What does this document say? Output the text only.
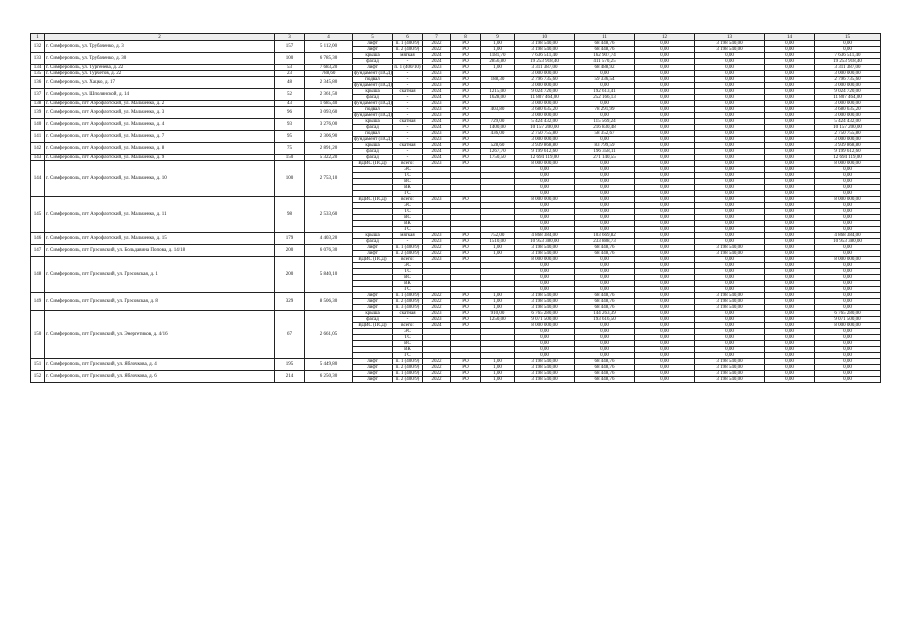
1	2	3	4	5	6	7	8	9	10	11	12	13	14	15
132	г. Симферополь, ул. Трубаченко, д. 3	157	5 112,00	лифт	п. 1 (400/9)	2022	РО	1,00	3 198 540,00	68 448,76	0,00	3 198 540,00	0,00	0,00
				лифт	п. 2 (400/9)	2022	РО	1,00	3 198 540,00	68 448,76	0,00	3 198 540,00	0,00	0,00
133	г. Симферополь, ул. Трубаченко, д. 30	100	6 785,30	крыша	мягкая	2024	РО	1181,70	7 636 511,40	162 907,74	0,00	0,00	0,00	7 636 511,40
				фасад	-	2024	РО	2856,80	19 253 918,40	411 570,25	0,00	0,00	0,00	19 253 918,40
134	г. Симферополь, ул. Тургенева, д. 22	53	7 683,20	лифт	п. 1 (400/10)	2023	РО	1,00	3 311 387,00	68 488,92	0,00	0,00	0,00	3 311 387,00
135	г. Симферополь, ул. Турчетов, д. 22	23	788,60	фундамент (ПСД)	-	2023	РО		3 000 000,00	0,00	0,00	0,00	0,00	3 000 000,00
136	г. Симферополь, ул. Хацко, д. 17	48	2 345,80	подвал	-	2023	РО	188,30	2 796 735,60	59 336,54	0,00	0,00	0,00	2 796 735,60
				фундамент (ПСД)	-	2023	РО		3 000 000,00	0,00	0,00	0,00	0,00	3 000 000,00
137	г. Симферополь, ул. Шполянской, д. 14	52	2 361,50	крыша	скатная	2024	РО	1215,00	9 024 720,00	192 613,41	0,00	0,00	0,00	9 024 720,00
				фасад	-	2024	РО	1628,00	11 807 464,00	252 166,13	0,00	0,00	0,00	11 807 464,00
138	г. Симферополь, пгт Аэрофлотский, ул. Мальченко, д. 2	43	1 685,40	фундамент (ПСД)	-	2023	РО		3 000 000,00	0,00	0,00	0,00	0,00	3 000 000,00
139	г. Симферополь, пгт Аэрофлотский, ул. Мальченко, д. 3	96	3 093,60	подвал	-	2023	РО	403,80	3 680 635,20	78 291,99	0,00	0,00	0,00	3 680 635,20
				фундамент (ПСД)	-	2023	РО		3 000 000,00	0,00	0,00	0,00	0,00	3 000 000,00
140	г. Симферополь, пгт Аэрофлотский, ул. Мальченко, д. 4	93	3 276,00	крыша	скатная	2024	РО	729,00	5 424 432,00	115 569,24	0,00	0,00	0,00	5 424 432,00
				фасад	-	2024	РО	1400,00	10 157 200,00	216 830,48	0,00	0,00	0,00	10 157 200,00
141	г. Симферополь, пгт Аэрофлотский, ул. Мальченко, д. 7	95	2 306,90	подвал	-	2023	РО	436,00	2 750 755,80	58 352,67	0,00	0,00	0,00	2 750 755,80
				фундамент (ПСД)	-	2023	РО		3 000 000,00	0,00	0,00	0,00	0,00	3 000 000,00
142	г. Симферополь, пгт Аэрофлотский, ул. Мальченко, д. 8	75	2 891,20	крыша	скатная	2024	РО	528,60	3 939 868,80	83 799,59	0,00	0,00	0,00	3 939 868,80
				фасад	-	2024	РО	1267,70	9 199 612,60	196 358,11	0,00	0,00	0,00	9 199 612,60
143	г. Симферополь, пгт Аэрофлотский, ул. Мальченко, д. 9	150	5 322,20	фасад	-	2024	РО	1750,50	12 694 119,00	271 140,55	0,00	0,00	0,00	12 694 119,00
144	г. Симферополь, пгт Аэрофлотский, ул. Мальченко, д. 10	100	2 753,10	ВДИС (ПСД)	всего:	2023	РО		8 000 000,00	0,00	0,00	0,00	0,00	8 000 000,00
					ЭС				0,00	0,00	0,00	0,00	0,00	0,00
					ТС				0,00	0,00	0,00	0,00	0,00	0,00
					ВС				0,00	0,00	0,00	0,00	0,00	0,00
					ВК				0,00	0,00	0,00	0,00	0,00	0,00
					ГС				0,00	0,00	0,00	0,00	0,00	0,00
145	г. Симферополь, пгт Аэрофлотский, ул. Мальченко, д. 11	98	2 533,60	ВДИС (ПСД)	всего:	2023	РО		8 000 000,00	0,00	0,00	0,00	0,00	8 000 000,00
					ЭС				0,00	0,00	0,00	0,00	0,00	0,00
					ТС				0,00	0,00	0,00	0,00	0,00	0,00
					ВС				0,00	0,00	0,00	0,00	0,00	0,00
					ВК				0,00	0,00	0,00	0,00	0,00	0,00
					ГС				0,00	0,00	0,00	0,00	0,00	0,00
146	г. Симферополь, пгт Аэрофлотский, ул. Мальченко, д. 15	179	4 403,20	крыша	мягкая	2023	РО	752,00	4 868 384,00	103 669,82	0,00	0,00	0,00	4 868 384,00
				фасад	-	2023	РО	1510,00	10 953 380,00	233 888,73	0,00	0,00	0,00	10 953 380,00
147	г. Симферополь, пгт Грэсовский, ул. Больдавина Попова, д. 14/18	200	6 076,30	лифт	п. 1 (400/9)	2022	РО	1,00	3 198 540,00	68 448,76	0,00	3 198 540,00	0,00	0,00
				лифт	п. 2 (400/9)	2022	РО	1,00	3 198 540,00	68 448,76	0,00	3 198 540,00	0,00	0,00
148	г. Симферополь, пгт Грэсовский, ул. Грэсовская, д. 1	200	5 840,10	ВДИС (ПСД)	всего:	2023	РО		8 000 000,00	0,00	0,00	0,00	0,00	8 000 000,00
					ЭС				0,00	0,00	0,00	0,00	0,00	0,00
					ТС				0,00	0,00	0,00	0,00	0,00	0,00
					ВС				0,00	0,00	0,00	0,00	0,00	0,00
					ВК				0,00	0,00	0,00	0,00	0,00	0,00
					ГС				0,00	0,00	0,00	0,00	0,00	0,00
149	г. Симферополь, пгт Грэсовский, ул. Грэсовская, д. 8	329	8 506,30	лифт	п. 1 (400/9)	2022	РО	1,00	3 198 540,00	68 448,76	0,00	3 198 540,00	0,00	0,00
				лифт	п. 2 (400/9)	2022	РО	1,00	3 198 540,00	68 448,76	0,00	3 198 540,00	0,00	0,00
				лифт	п. 3 (400/9)	2022	РО	1,00	3 198 540,00	68 448,76	0,00	3 198 540,00	0,00	0,00
150	г. Симферополь, пгт Грэсовский, ул. Энергетиков, д. 4/16	67	2 661,05	крыша	скатная	2023	РО	910,00	6 765 280,00	144 263,39	0,00	0,00	0,00	6 765 280,00
				фасад	-	2023	РО	1250,00	9 071 500,00	193 616,50	0,00	0,00	0,00	9 071 500,00
				ВДИС (ПСД)	всего:	2024	РО		8 000 000,00	0,00	0,00	0,00	0,00	8 000 000,00
					ЭС				0,00	0,00	0,00	0,00	0,00	0,00
					ТС				0,00	0,00	0,00	0,00	0,00	0,00
					ВС				0,00	0,00	0,00	0,00	0,00	0,00
					ВК				0,00	0,00	0,00	0,00	0,00	0,00
					ГС				0,00	0,00	0,00	0,00	0,00	0,00
151	г. Симферополь, пгт Грэсовский, ул. Яблочкова, д. 4	195	5 449,80	лифт	п. 1 (400/9)	2022	РО	1,00	3 198 540,00	68 448,76	0,00	3 198 540,00	0,00	0,00
				лифт	п. 2 (400/9)	2022	РО	1,00	3 198 540,00	68 448,76	0,00	3 198 540,00	0,00	0,00
152	г. Симферополь, пгт Грэсовский, ул. Яблочкова, д. 6	214	6 250,30	лифт	п. 1 (400/9)	2022	РО	1,00	3 198 540,00	68 448,76	0,00	3 198 540,00	0,00	0,00
				лифт	п. 2 (400/9)	2022	РО	1,00	3 198 540,00	68 448,76	0,00	3 198 540,00	0,00	0,00
